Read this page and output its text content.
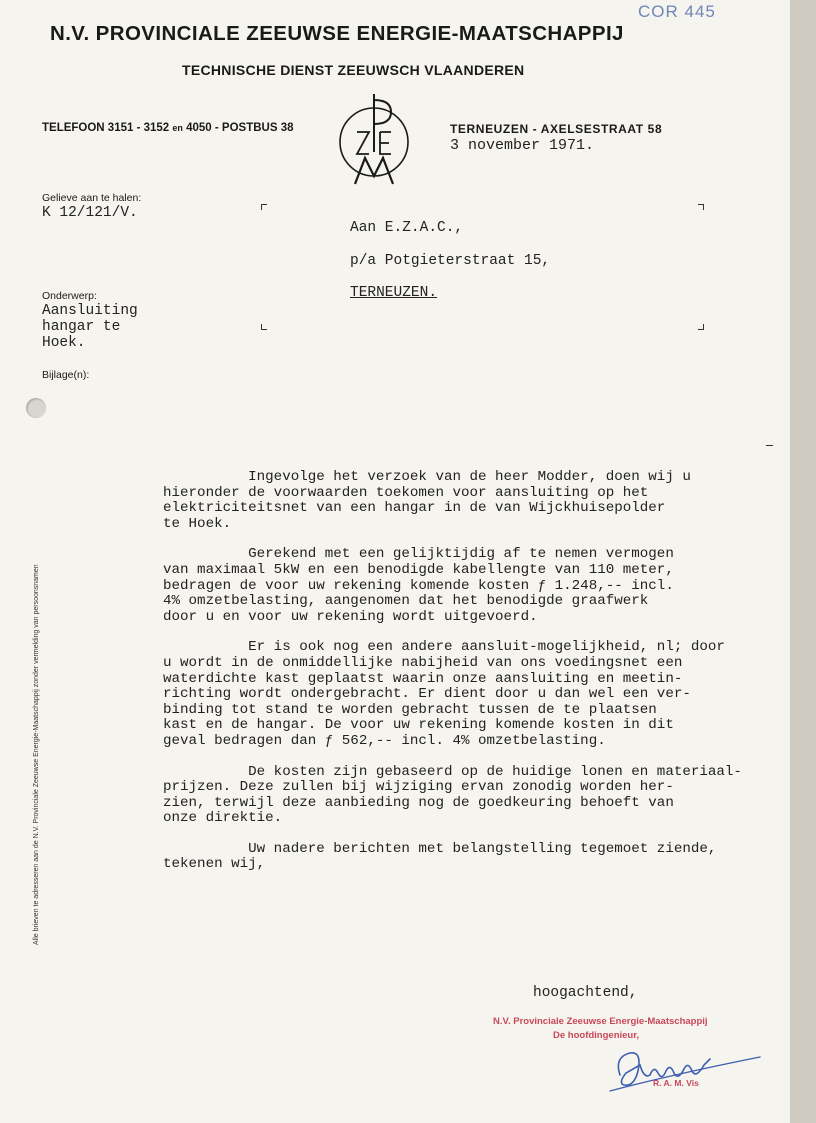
COR 445
N.V. PROVINCIALE ZEEUWSE ENERGIE-MAATSCHAPPIJ
TECHNISCHE DIENST ZEEUWSCH VLAANDEREN
TELEFOON 3151 - 3152 en 4050 - POSTBUS 38	TERNEUZEN - AXELSESTRAAT 58
3 november 1971.
Gelieve aan te halen:
K 12/121/V.
Onderwerp:
Aansluiting
hangar te
Hoek.
Bijlage(n):
Aan E.Z.A.C.,
p/a Potgieterstraat 15,
TERNEUZEN.
Alle brieven te adresseren aan de N.V. Provinciale Zeeuwse Energie-Maatschappij zonder vermelding van persoonsnamen

Ingevolge het verzoek van de heer Modder, doen wij u
hieronder de voorwaarden toekomen voor aansluiting op het
elektriciteitsnet van een hangar in de van Wijckhuisepolder
te Hoek.

Gerekend met een gelijktijdig af te nemen vermogen
van maximaal 5kW en een benodigde kabellengte van 110 meter,
bedragen de voor uw rekening komende kosten ƒ 1.248,-- incl.
4% omzetbelasting, aangenomen dat het benodigde graafwerk
door u en voor uw rekening wordt uitgevoerd.

Er is ook nog een andere aansluit-mogelijkheid, nl; door
u wordt in de onmiddellijke nabijheid van ons voedingsnet een
waterdichte kast geplaatst waarin onze aansluiting en meetin-
richting wordt ondergebracht. Er dient door u dan wel een ver-
binding tot stand te worden gebracht tussen de te plaatsen
kast en de hangar. De voor uw rekening komende kosten in dit
geval bedragen dan ƒ 562,-- incl. 4% omzetbelasting.

De kosten zijn gebaseerd op de huidige lonen en materiaal-
prijzen. Deze zullen bij wijziging ervan zonodig worden her-
zien, terwijl deze aanbieding nog de goedkeuring behoeft van
onze direktie.

Uw nadere berichten met belangstelling tegemoet ziende,
tekenen wij,

hoogachtend,
N.V. Provinciale Zeeuwse Energie-Maatschappij
De hoofdingenieur,
R. A. M. Vis
